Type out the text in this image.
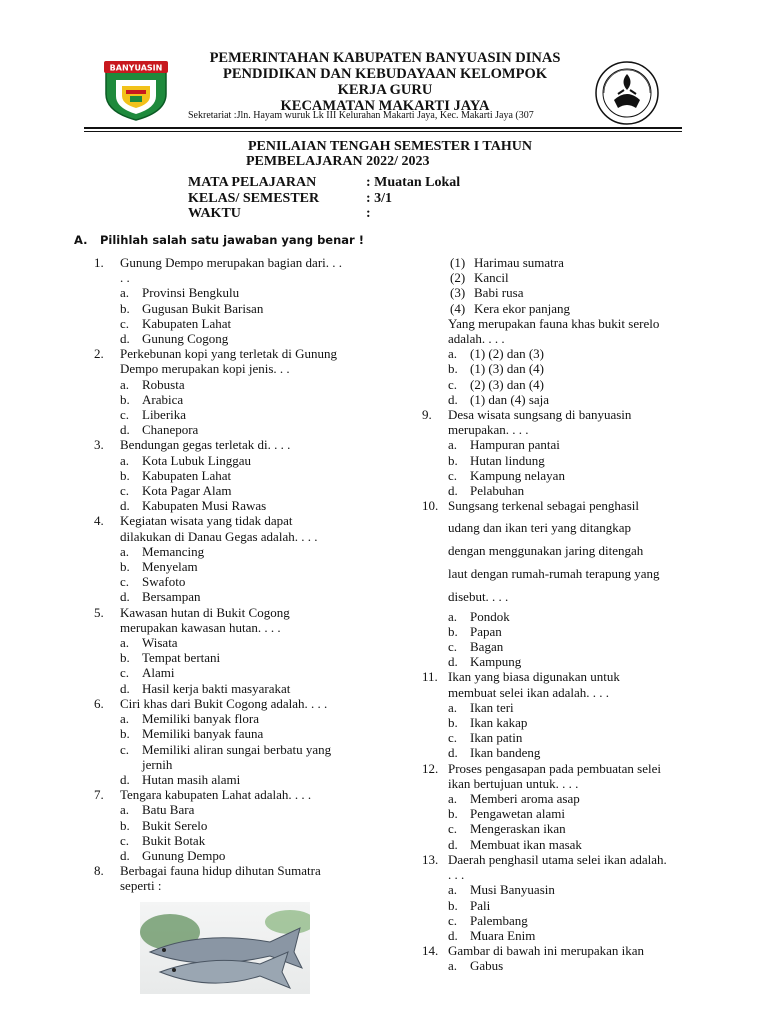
BANYUASIN
PEMERINTAHAN KABUPATEN BANYUASIN DINAS
PENDIDIKAN DAN KEBUDAYAAN KELOMPOK
KERJA GURU
KECAMATAN MAKARTI JAYA
Sekretariat :Jln. Hayam wuruk Lk III Kelurahan Makarti Jaya, Kec. Makarti Jaya (307
PENILAIAN TENGAH SEMESTER I TAHUN
PEMBELAJARAN 2022/ 2023
MATA PELAJARAN	: Muatan Lokal
KELAS/ SEMESTER	: 3/1
WAKTU	:
A. Pilihlah salah satu jawaban yang benar !
1. Gunung Dempo merupakan bagian dari. . .
. .
a. Provinsi Bengkulu
b. Gugusan Bukit Barisan
c. Kabupaten Lahat
d. Gunung Cogong
2. Perkebunan kopi yang terletak di Gunung
Dempo merupakan kopi jenis. . .
a. Robusta
b. Arabica
c. Liberika
d. Chanepora
3. Bendungan gegas terletak di. . . .
a. Kota Lubuk Linggau
b. Kabupaten Lahat
c. Kota Pagar Alam
d. Kabupaten Musi Rawas
4. Kegiatan wisata yang tidak dapat
dilakukan di Danau Gegas adalah. . . .
a. Memancing
b. Menyelam
c. Swafoto
d. Bersampan
5. Kawasan hutan di Bukit Cogong
merupakan kawasan hutan. . . .
a. Wisata
b. Tempat bertani
c. Alami
d. Hasil kerja bakti masyarakat
6. Ciri khas dari Bukit Cogong adalah. . . .
a. Memiliki banyak flora
b. Memiliki banyak fauna
c. Memiliki aliran sungai berbatu yang
jernih
d. Hutan masih alami
7. Tengara kabupaten Lahat adalah. . . .
a. Batu Bara
b. Bukit Serelo
c. Bukit Botak
d. Gunung Dempo
8. Berbagai fauna hidup dihutan Sumatra
seperti :
(1) Harimau sumatra
(2) Kancil
(3) Babi rusa
(4) Kera ekor panjang
Yang merupakan fauna khas bukit serelo
adalah. . . .
a. (1) (2) dan (3)
b. (1) (3) dan (4)
c. (2) (3) dan (4)
d. (1) dan (4) saja
9. Desa wisata sungsang di banyuasin
merupakan. . . .
a. Hampuran pantai
b. Hutan lindung
c. Kampung nelayan
d. Pelabuhan
10. Sungsang terkenal sebagai penghasil
udang dan ikan teri yang ditangkap
dengan menggunakan jaring ditengah
laut dengan rumah-rumah terapung yang
disebut. . . .
a. Pondok
b. Papan
c. Bagan
d. Kampung
11. Ikan yang biasa digunakan untuk
membuat selei ikan adalah. . . .
a. Ikan teri
b. Ikan kakap
c. Ikan patin
d. Ikan bandeng
12. Proses pengasapan pada pembuatan selei
ikan bertujuan untuk. . . .
a. Memberi aroma asap
b. Pengawetan alami
c. Mengeraskan ikan
d. Membuat ikan masak
13. Daerah penghasil utama selei ikan adalah.
. . .
a. Musi Banyuasin
b. Pali
c. Palembang
d. Muara Enim
14. Gambar di bawah ini merupakan ikan
a. Gabus
